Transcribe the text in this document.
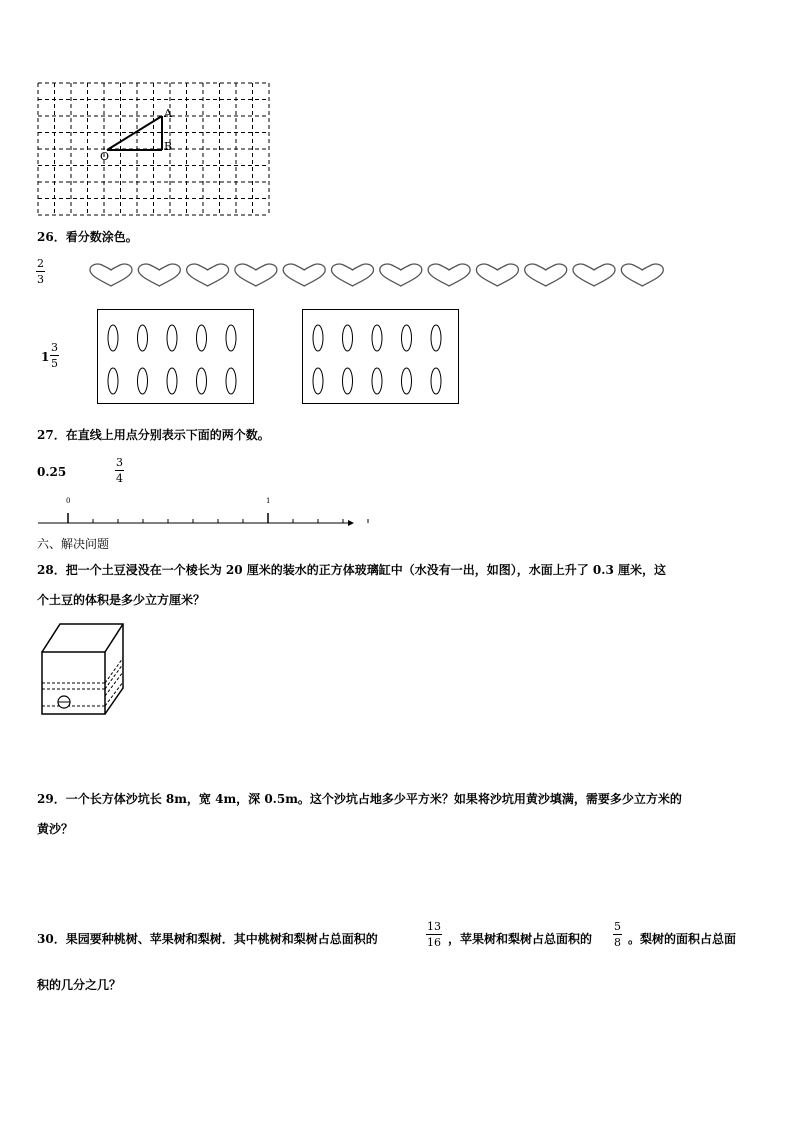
O
A
B
26．看分数涂色。
2
3
1
3
5
27．在直线上用点分别表示下面的两个数。
0.25
3
4
0	1
六、解决问题
28．把一个土豆浸没在一个棱长为 20 厘米的装水的正方体玻璃缸中（水没有一出，如图），水面上升了 0.3 厘米，这
个土豆的体积是多少立方厘米？
29．一个长方体沙坑长 8m，宽 4m，深 0.5m。这个沙坑占地多少平方米？如果将沙坑用黄沙填满，需要多少立方米的
黄沙？
30．果园要种桃树、苹果树和梨树．其中桃树和梨树占总面积的
13
16 ，苹果树和梨树占总面积的
5
8 。梨树的面积占总面
积的几分之几？
